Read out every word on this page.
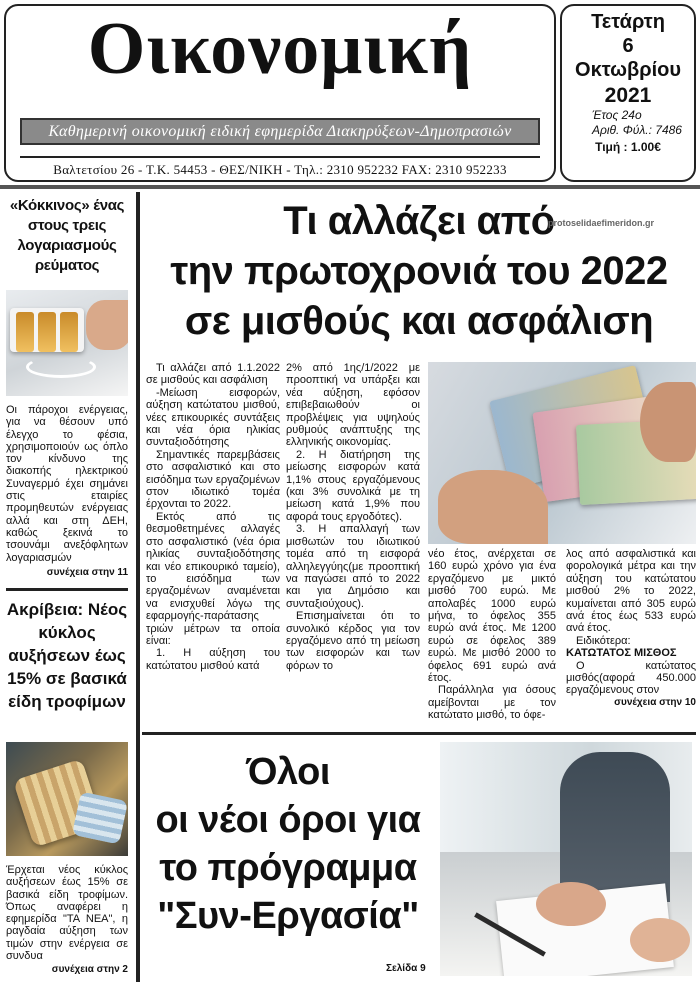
Οικονομική
Καθημερινή οικονομική ειδική εφημερίδα Διακηρύξεων-Δημοπρασιών
Βαλτετσίου 26 - Τ.Κ. 54453 - ΘΕΣ/ΝΙΚΗ - Τηλ.: 2310 952232 FAX: 2310 952233
Τετάρτη
6
Οκτωβρίου
2021
Έτος 24ο
Αριθ. Φύλ.: 7486
Τιμή : 1.00€
«Κόκκινος» ένας στους τρεις λογαριασμούς ρεύματος
Οι πάροχοι ενέργειας, για να θέσουν υπό έλεγχο το φέσια, χρησιμοποιούν ως όπλο τον κίνδυνο της διακοπής ηλεκτρικού Συναγερμό έχει σημάνει στις εταιρίες προμηθευτών ενέργειας αλλά και στη ΔΕΗ, καθώς ξεκινά το τσουνάμι ανεξόφλητων λογαριασμών
συνέχεια στην 11
Ακρίβεια: Νέος κύκλος αυξήσεων έως 15% σε βασικά είδη τροφίμων
Έρχεται νέος κύκλος αυξήσεων έως 15% σε βασικά είδη τροφίμων. Όπως αναφέρει η εφημερίδα "ΤΑ ΝΕΑ", η ραγδαία αύξηση των τιμών στην ενέργεια σε συνδυα
συνέχεια στην 2
Τι αλλάζει από
την πρωτοχρονιά του 2022
σε μισθούς και ασφάλιση
protoselidaefimeridon.gr

Τι αλλάζει από 1.1.2022 σε μισθούς και ασφάλιση

-Μείωση εισφορών, αύξηση κατώτατου μισθού, νέες επικουρικές συντάξεις και νέα όρια ηλικίας συνταξιοδότησης

Σημαντικές παρεμβάσεις στο ασφαλιστικό και στο εισόδημα των εργαζομένων στον ιδιωτικό τομέα έρχονται το 2022.

Εκτός από τις θεσμοθετημένες αλλαγές στο ασφαλιστικό (νέα όρια ηλικίας συνταξιοδότησης και νέο επικουρικό ταμείο), το εισόδημα των εργαζομένων αναμένεται να ενισχυθεί λόγω της εφαρμογής-παράτασης τριών μέτρων τα οποία είναι:

1. Η αύξηση του κατώτατου μισθού κατά

2% από 1ης/1/2022 με προοπτική να υπάρξει και νέα αύξηση, εφόσον επιβεβαιωθούν οι προβλέψεις για υψηλούς ρυθμούς ανάπτυξης της ελληνικής οικονομίας.

2. Η διατήρηση της μείωσης εισφορών κατά 1,1% στους εργαζόμενους (και 3% συνολικά με τη μείωση κατά 1,9% που αφορά τους εργοδότες).

3. Η απαλλαγή των μισθωτών του ιδιωτικού τομέα από τη εισφορά αλληλεγγύης(με προοπτική να παγώσει από το 2022 και για Δημόσιο και συνταξιούχους).

Επισημαίνεται ότι το συνολικό κέρδος για τον εργαζόμενο από τη μείωση των εισφορών και των φόρων το

νέο έτος, ανέρχεται σε 160 ευρώ χρόνο για ένα εργαζόμενο με μικτό μισθό 700 ευρώ. Με απολαβές 1000 ευρώ μήνα, το όφελος 355 ευρώ ανά έτος. Με 1200 ευρώ σε όφελος 389 ευρώ. Με μισθό 2000 το όφελος 691 ευρώ ανά έτος.

Παράλληλα για όσους αμείβονται με τον κατώτατο μισθό, το όφε-

λος από ασφαλιστικά και φορολογικά μέτρα και την αύξηση του κατώτατου μισθού 2% το 2022, κυμαίνεται από 305 ευρώ ανά έτος έως 533 ευρώ ανά έτος.

Ειδικότερα:

ΚΑΤΩΤΑΤΟΣ ΜΙΣΘΟΣ

Ο κατώτατος μισθός(αφορά 450.000 εργαζόμενους στον

συνέχεια στην 10
Όλοι
οι νέοι όροι για
το πρόγραμμα
"Συν-Εργασία"
Σελίδα 9
